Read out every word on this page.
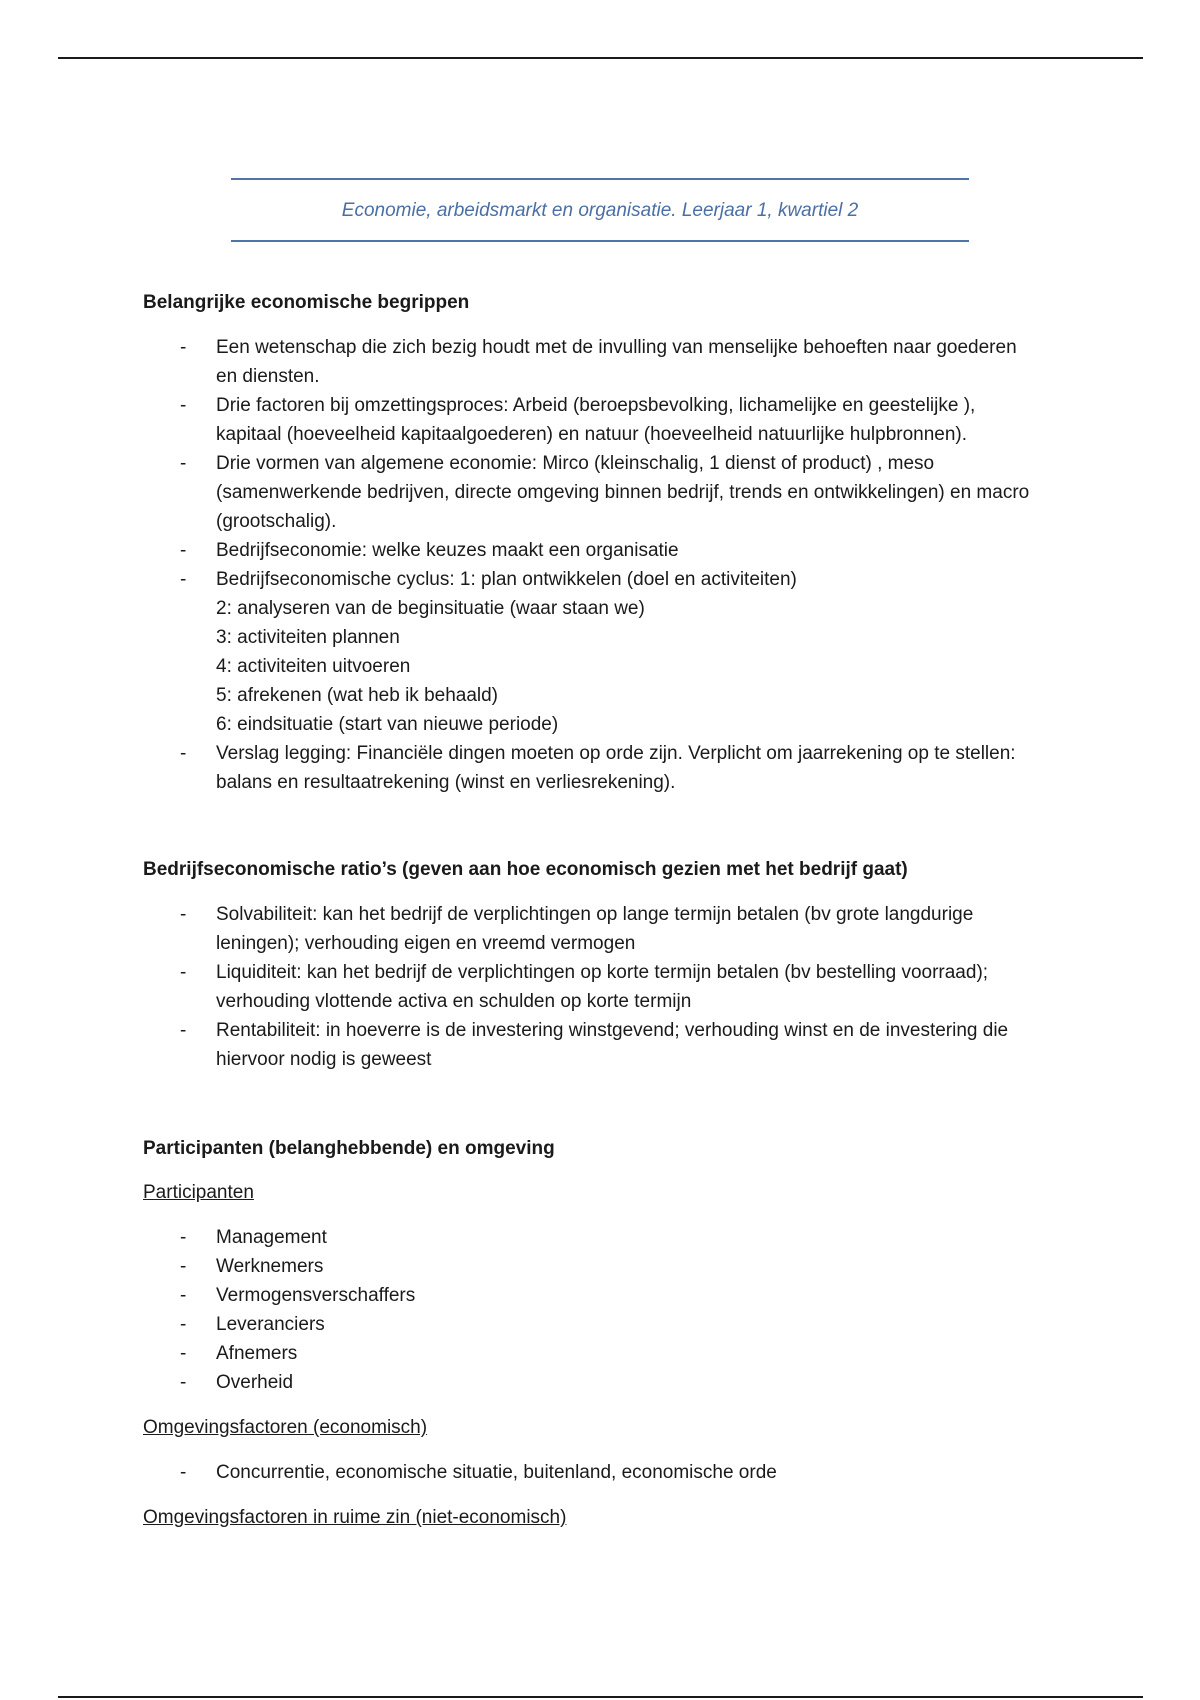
Economie, arbeidsmarkt en organisatie. Leerjaar 1, kwartiel 2
Belangrijke economische begrippen
- Een wetenschap die zich bezig houdt met de invulling van menselijke behoeften naar goederen en diensten.
- Drie factoren bij omzettingsproces: Arbeid (beroepsbevolking, lichamelijke en geestelijke ), kapitaal (hoeveelheid kapitaalgoederen) en natuur (hoeveelheid natuurlijke hulpbronnen).
- Drie vormen van algemene economie: Mirco (kleinschalig, 1 dienst of product) , meso (samenwerkende bedrijven, directe omgeving binnen bedrijf, trends en ontwikkelingen) en macro (grootschalig).
- Bedrijfseconomie: welke keuzes maakt een organisatie
- Bedrijfseconomische cyclus: 1: plan ontwikkelen (doel en activiteiten)
2: analyseren van de beginsituatie (waar staan we)
3: activiteiten plannen
4: activiteiten uitvoeren
5: afrekenen (wat heb ik behaald)
6: eindsituatie (start van nieuwe periode)
- Verslag legging: Financiële dingen moeten op orde zijn. Verplicht om jaarrekening op te stellen: balans en resultaatrekening (winst en verliesrekening).
Bedrijfseconomische ratio’s (geven aan hoe economisch gezien met het bedrijf gaat)
- Solvabiliteit: kan het bedrijf de verplichtingen op lange termijn betalen (bv grote langdurige leningen); verhouding eigen en vreemd vermogen
- Liquiditeit: kan het bedrijf de verplichtingen op korte termijn betalen (bv bestelling voorraad); verhouding vlottende activa en schulden op korte termijn
- Rentabiliteit: in hoeverre is de investering winstgevend; verhouding winst en de investering die hiervoor nodig is geweest
Participanten (belanghebbende) en omgeving

Participanten

- Management
- Werknemers
- Vermogensverschaffers
- Leveranciers
- Afnemers
- Overheid

Omgevingsfactoren (economisch)

- Concurrentie, economische situatie, buitenland, economische orde

Omgevingsfactoren in ruime zin (niet-economisch)
